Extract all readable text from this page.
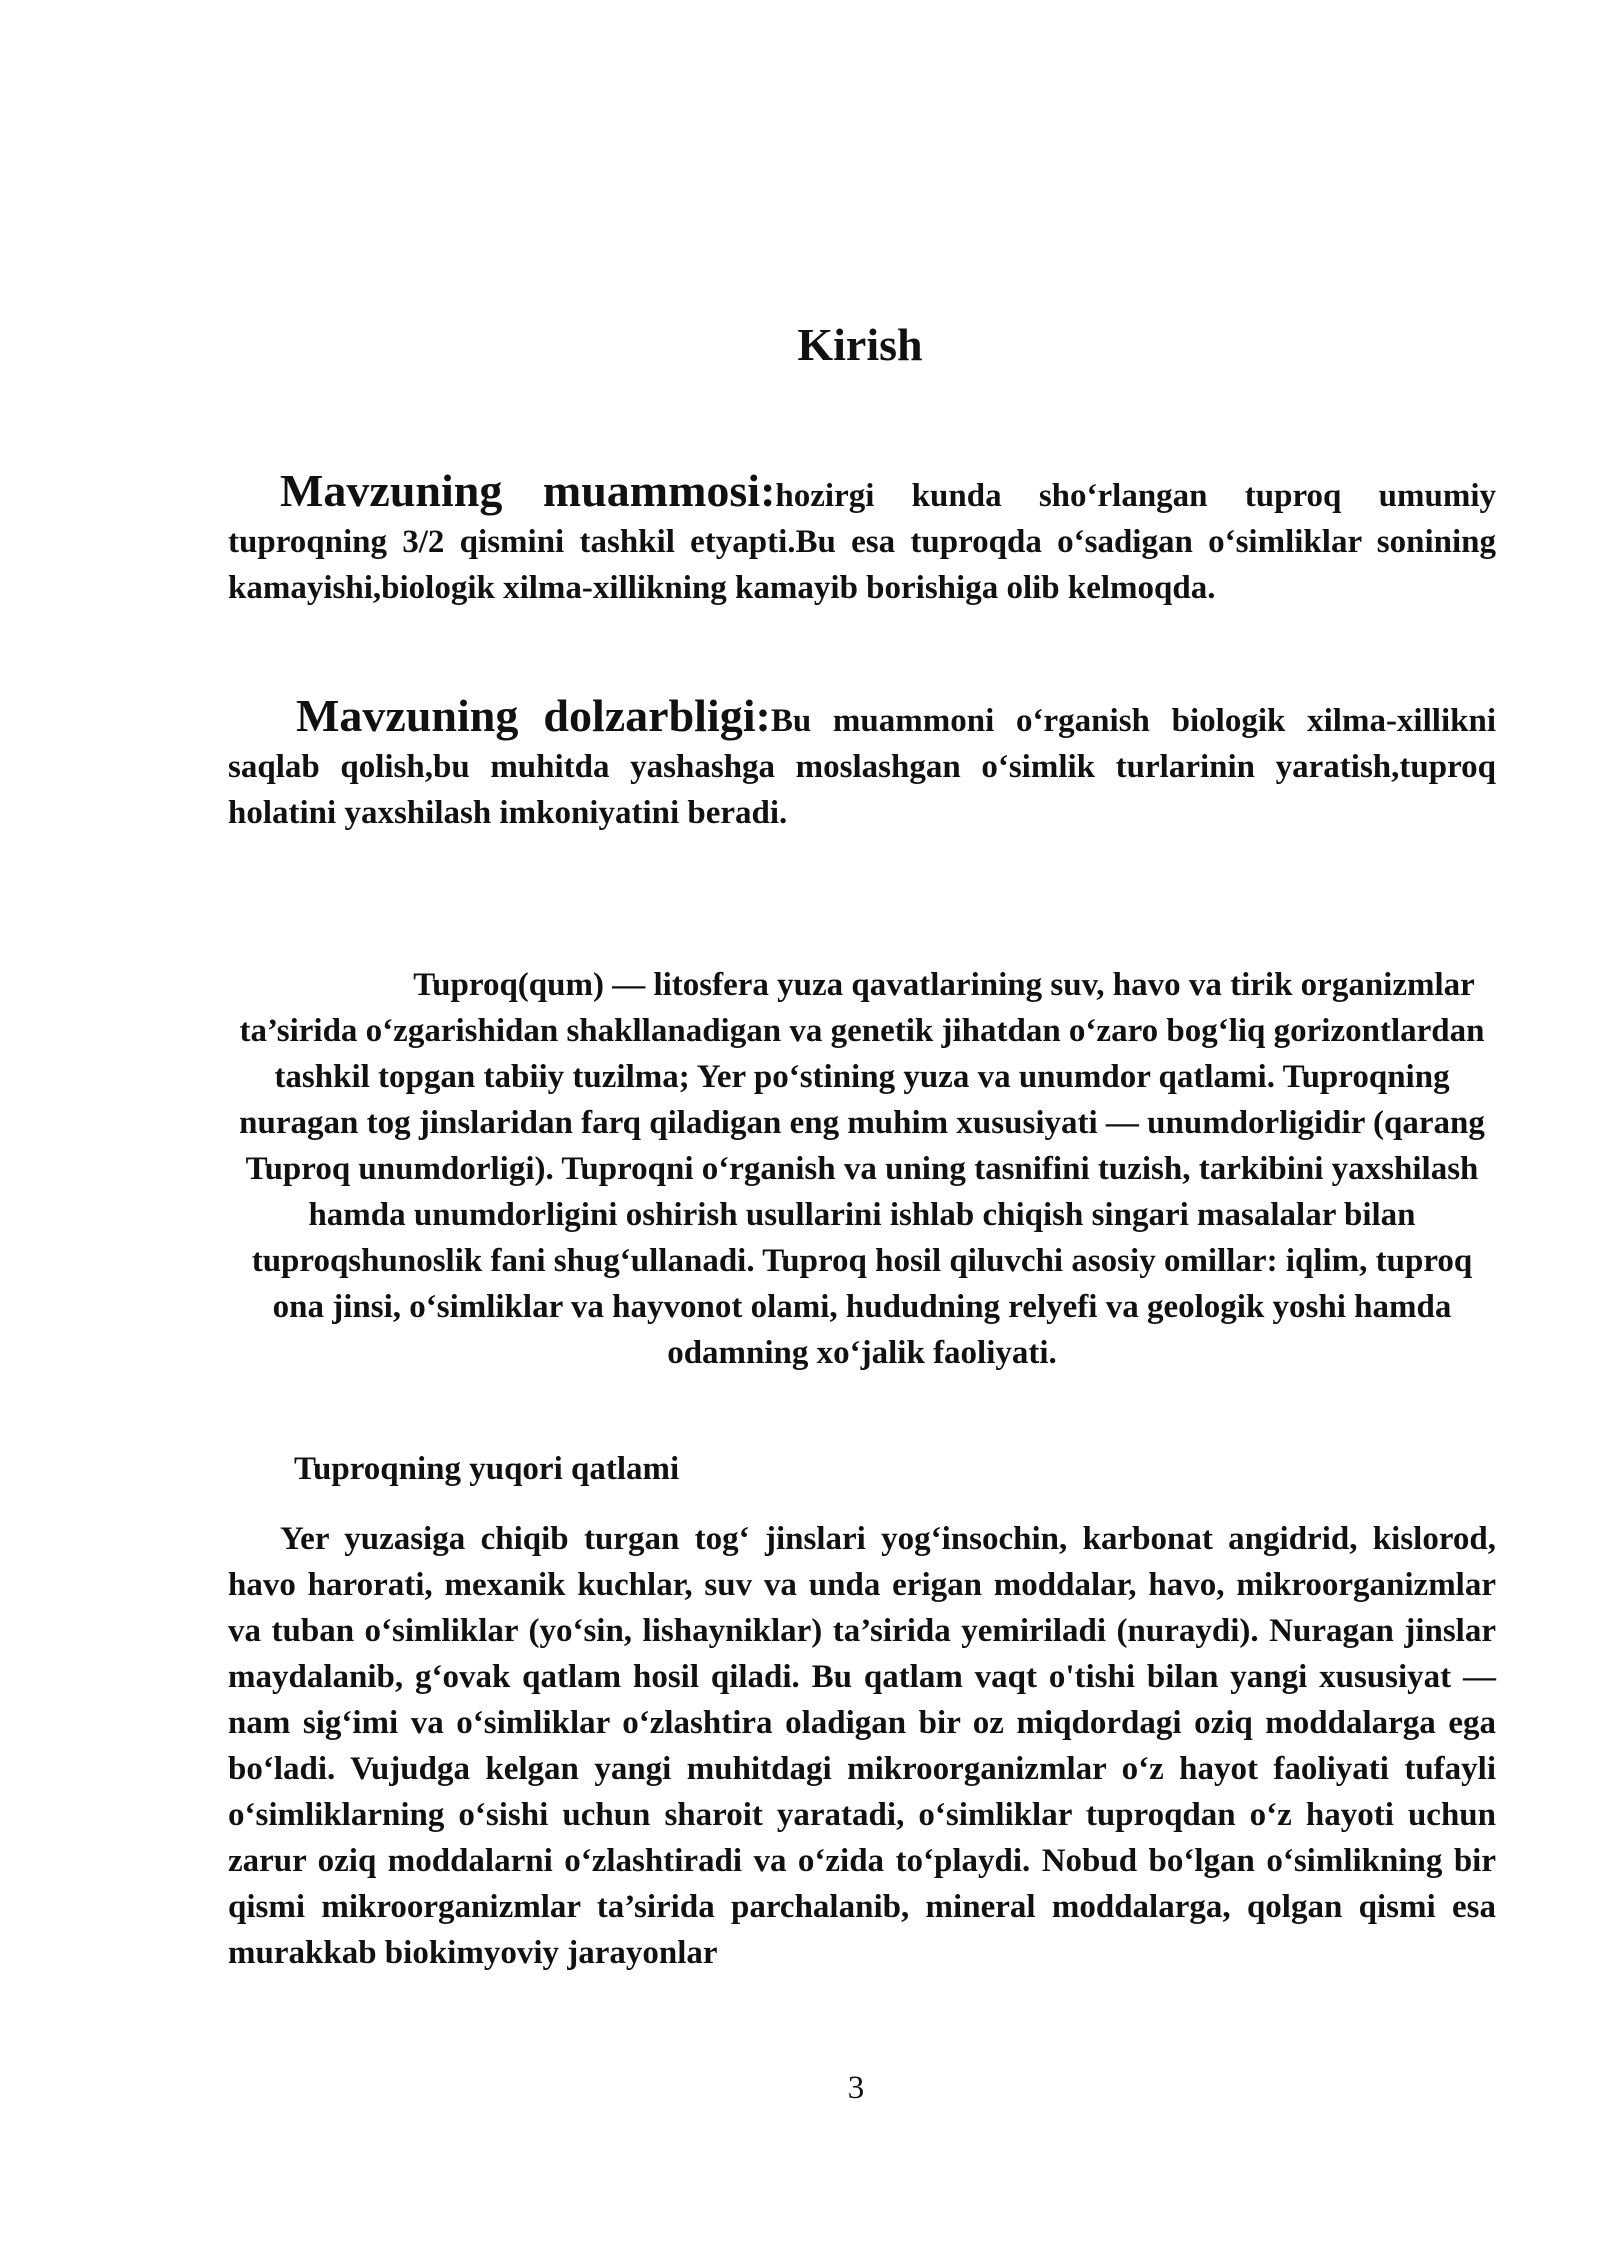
Kirish

Mavzuning muammosi:hozirgi kunda sho‘rlangan tuproq umumiy tuproqning 3/2 qismini tashkil etyapti.Bu esa tuproqda o‘sadigan o‘simliklar sonining kamayishi,biologik xilma-xillikning kamayib borishiga olib kelmoqda.

Mavzuning dolzarbligi:Bu muammoni o‘rganish biologik xilma-xillikni saqlab qolish,bu muhitda yashashga moslashgan o‘simlik turlarinin yaratish,tuproq holatini yaxshilash imkoniyatini beradi.

Tuproq(qum) — litosfera yuza qavatlarining suv, havo va tirik organizmlar ta’sirida o‘zgarishidan shakllanadigan va genetik jihatdan o‘zaro bog‘liq gorizontlardan tashkil topgan tabiiy tuzilma; Yer po‘stining yuza va unumdor qatlami. Tuproqning nuragan tog jinslaridan farq qiladigan eng muhim xususiyati — unumdorligidir (qarang Tuproq unumdorligi). Tuproqni o‘rganish va uning tasnifini tuzish, tarkibini yaxshilash hamda unumdorligini oshirish usullarini ishlab chiqish singari masalalar bilan tuproqshunoslik fani shug‘ullanadi. Tuproq hosil qiluvchi asosiy omillar: iqlim, tuproq ona jinsi, o‘simliklar va hayvonot olami, hududning relyefi va geologik yoshi hamda odamning xo‘jalik faoliyati.

Tuproqning yuqori qatlami

Yer yuzasiga chiqib turgan tog‘ jinslari yog‘insochin, karbonat angidrid, kislorod, havo harorati, mexanik kuchlar, suv va unda erigan moddalar, havo, mikroorganizmlar va tuban o‘simliklar (yo‘sin, lishayniklar) ta’sirida yemiriladi (nuraydi). Nuragan jinslar maydalanib, g‘ovak qatlam hosil qiladi. Bu qatlam vaqt o'tishi bilan yangi xususiyat — nam sig‘imi va o‘simliklar o‘zlashtira oladigan bir oz miqdordagi oziq moddalarga ega bo‘ladi. Vujudga kelgan yangi muhitdagi mikroorganizmlar o‘z hayot faoliyati tufayli o‘simliklarning o‘sishi uchun sharoit yaratadi, o‘simliklar tuproqdan o‘z hayoti uchun zarur oziq moddalarni o‘zlashtiradi va o‘zida to‘playdi. Nobud bo‘lgan o‘simlikning bir qismi mikroorganizmlar ta’sirida parchalanib, mineral moddalarga, qolgan qismi esa murakkab biokimyoviy jarayonlar

3
